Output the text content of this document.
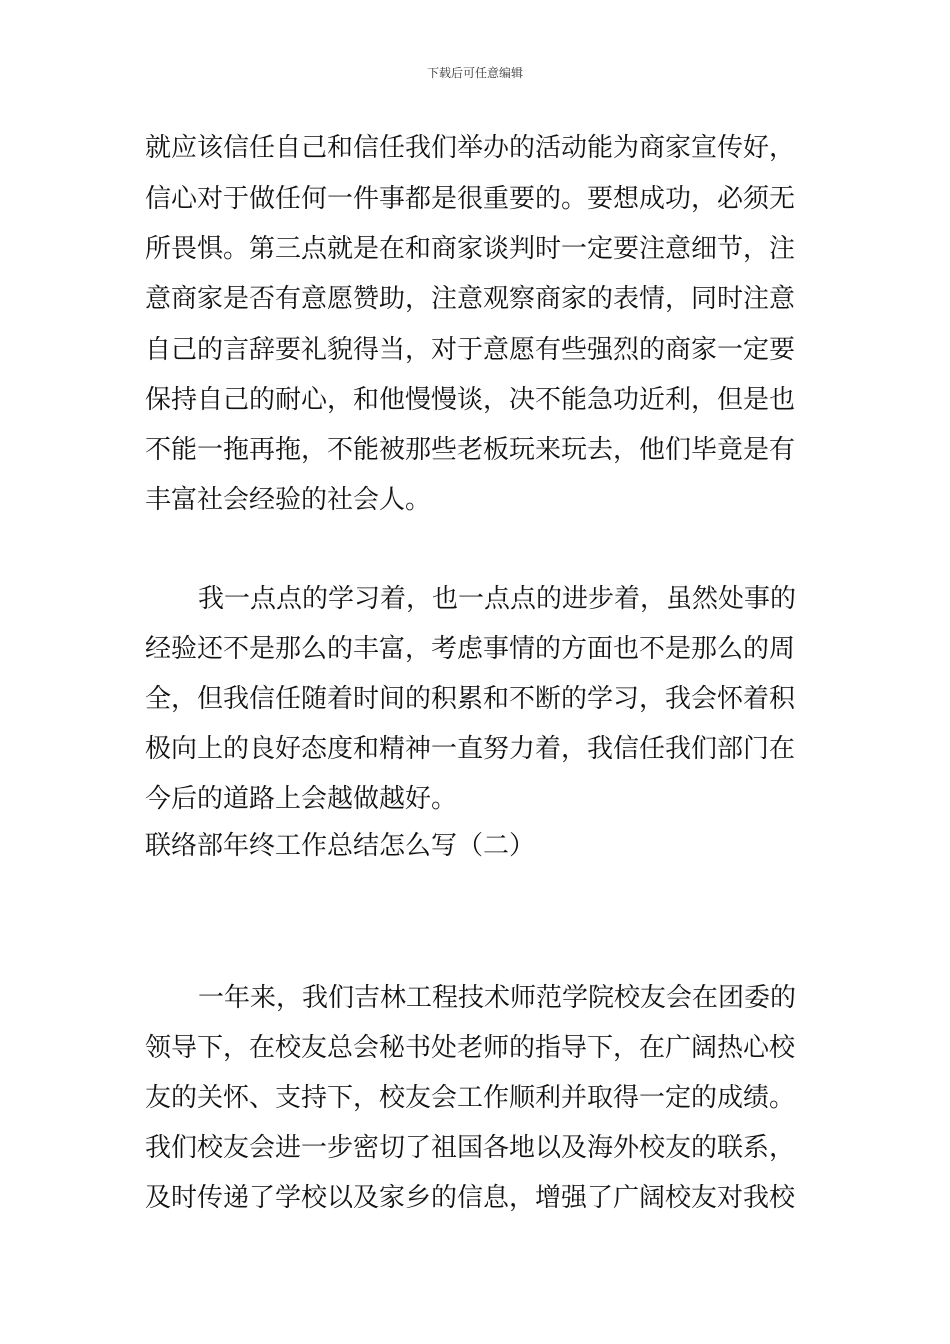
下载后可任意编辑
就应该信任自己和信任我们举办的活动能为商家宣传好，
信心对于做任何一件事都是很重要的。要想成功，必须无
所畏惧。第三点就是在和商家谈判时一定要注意细节，注
意商家是否有意愿赞助，注意观察商家的表情，同时注意
自己的言辞要礼貌得当，对于意愿有些强烈的商家一定要
保持自己的耐心，和他慢慢谈，决不能急功近利，但是也
不能一拖再拖，不能被那些老板玩来玩去，他们毕竟是有
丰富社会经验的社会人。
我一点点的学习着，也一点点的进步着，虽然处事的
经验还不是那么的丰富，考虑事情的方面也不是那么的周
全，但我信任随着时间的积累和不断的学习，我会怀着积
极向上的良好态度和精神一直努力着，我信任我们部门在
今后的道路上会越做越好。
联络部年终工作总结怎么写（二）
一年来，我们吉林工程技术师范学院校友会在团委的
领导下，在校友总会秘书处老师的指导下，在广阔热心校
友的关怀、支持下，校友会工作顺利并取得一定的成绩。
我们校友会进一步密切了祖国各地以及海外校友的联系，
及时传递了学校以及家乡的信息，增强了广阔校友对我校
